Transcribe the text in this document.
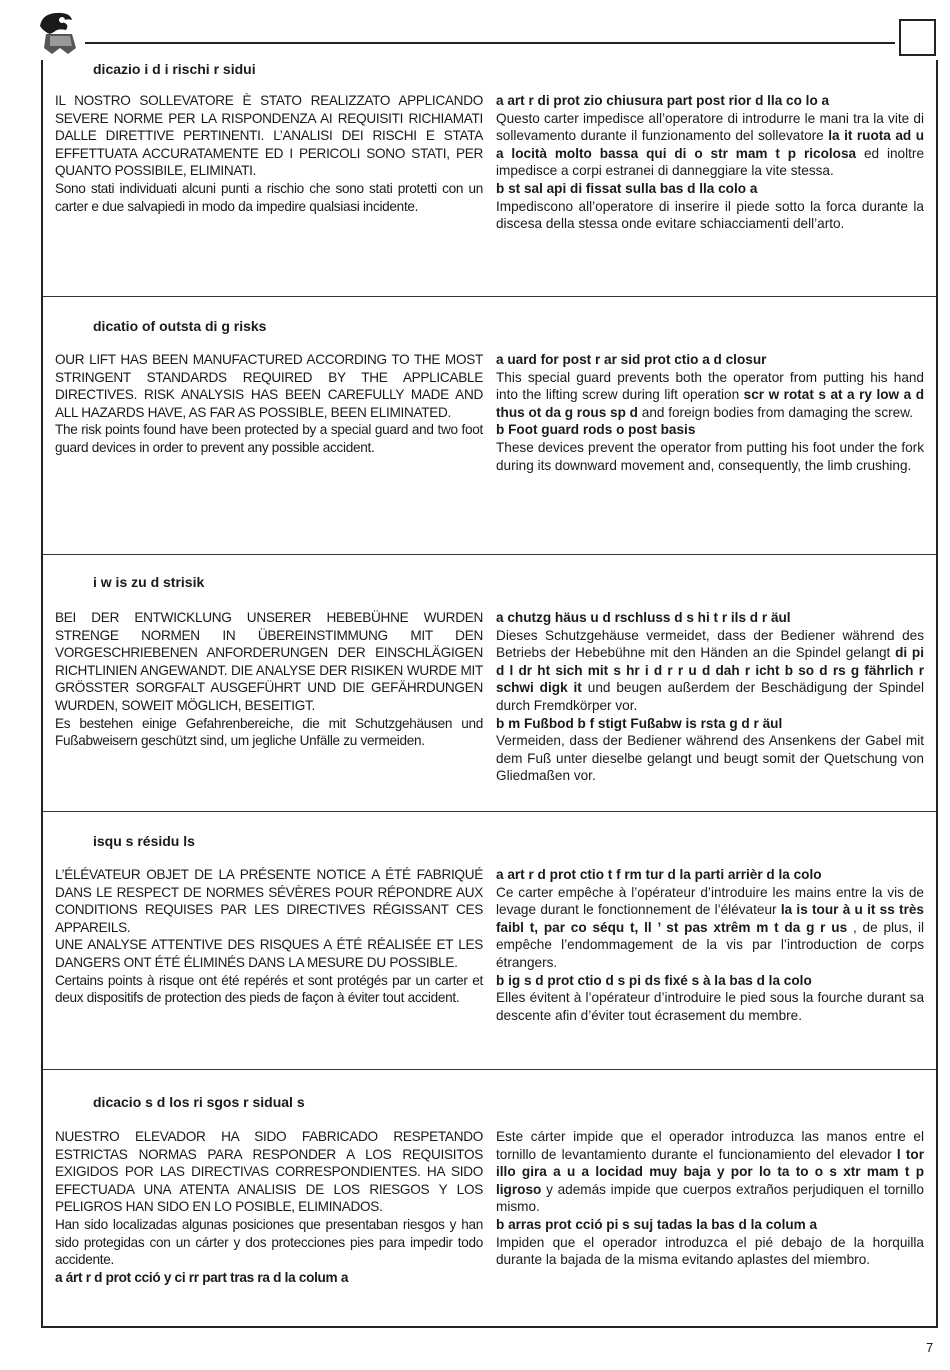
dicazio i d i rischi r sidui

IL NOSTRO SOLLEVATORE È STATO REALIZZATO APPLICANDO SEVERE NORME PER LA RISPONDENZA AI REQUISITI RICHIAMATI DALLE DIRETTIVE PERTINENTI. L’ANALISI DEI RISCHI E STATA EFFETTUATA ACCURATAMENTE ED I PERICOLI SONO STATI, PER QUANTO POSSIBILE, ELIMINATI.

Sono stati individuati alcuni punti a rischio che sono stati protetti con un carter e due salvapiedi in modo da impedire qualsiasi incidente.

a art r di prot zio chiusura part post rior d lla co lo a

Questo carter impedisce all’operatore di introdurre le mani tra la vite di sollevamento durante il funzionamento del sollevatore la it ruota ad u a locità molto bassa qui di o str mam t p ricolosa ed inoltre impedisce a corpi estranei di danneggiare la vite stessa.

b st sal api di fissat sulla bas d lla colo a

Impediscono all’operatore di inserire il piede sotto la forca durante la discesa della stessa onde evitare schiacciamenti dell’arto.

dicatio of outsta di g risks

OUR LIFT HAS BEEN MANUFACTURED ACCORDING TO THE MOST STRINGENT STANDARDS REQUIRED BY THE APPLICABLE DIRECTIVES. RISK ANALYSIS HAS BEEN CAREFULLY MADE AND ALL HAZARDS HAVE, AS FAR AS POSSIBLE, BEEN ELIMINATED.

The risk points found have been protected by a special guard and two foot guard devices in order to prevent any possible accident.

a uard for post r ar sid prot ctio a d closur

This special guard prevents both the operator from putting his hand into the lifting screw during lift operation scr w rotat s at a ry low a d thus ot da g rous sp d and foreign bodies from damaging the screw.

b Foot guard rods o post basis

These devices prevent the operator from putting his foot under the fork during its downward movement and, consequently, the limb crushing.

i w is zu d strisik

BEI DER ENTWICKLUNG UNSERER HEBEBÜHNE WURDEN STRENGE NORMEN IN ÜBEREINSTIMMUNG MIT DEN VORGESCHRIEBENEN ANFORDERUNGEN DER EINSCHLÄGIGEN RICHTLINIEN ANGEWANDT. DIE ANALYSE DER RISIKEN WURDE MIT GRÖSSTER SORGFALT AUSGEFÜHRT UND DIE GEFÄHRDUNGEN WURDEN, SOWEIT MÖGLICH, BESEITIGT.

Es bestehen einige Gefahrenbereiche, die mit Schutzgehäusen und Fußabweisern geschützt sind, um jegliche Unfälle zu vermeiden.

a chutzg häus u d rschluss d s hi t r ils d r äul

Dieses Schutzgehäuse vermeidet, dass der Bediener während des Betriebs der Hebebühne mit den Händen an die Spindel gelangt di pi d l dr ht sich mit s hr i d r r u d dah r icht b so d rs g fährlich r schwi digk it und beugen außerdem der Beschädigung der Spindel durch Fremdkörper vor.

b m Fußbod b f stigt Fußabw is rsta g d r äul

Vermeiden, dass der Bediener während des Ansenkens der Gabel mit dem Fuß unter dieselbe gelangt und beugt somit der Quetschung von Gliedmaßen vor.

isqu s résidu ls

L’ÉLÉVATEUR OBJET DE LA PRÉSENTE NOTICE A ÉTÉ FABRIQUÉ DANS LE RESPECT DE NORMES SÉVÈRES POUR RÉPONDRE AUX CONDITIONS REQUISES PAR LES DIRECTIVES RÉGISSANT CES APPAREILS.

UNE ANALYSE ATTENTIVE DES RISQUES A ÉTÉ RÉALISÉE ET LES DANGERS ONT ÉTÉ ÉLIMINÉS DANS LA MESURE DU POSSIBLE.

Certains points à risque ont été repérés et sont protégés par un carter et deux dispositifs de protection des pieds de façon à éviter tout accident.

a art r d prot ctio t f rm tur d la parti arrièr d la colo

Ce carter empêche à l’opérateur d’introduire les mains entre la vis de levage durant le fonctionnement de l’élévateur la is tour à u it ss très faibl t, par co séqu t, ll ’ st pas xtrêm m t da g r us , de plus, il empêche l’endommagement de la vis par l’introduction de corps étrangers.

b ig s d prot ctio d s pi ds fixé s à la bas d la colo

Elles évitent à l’opérateur d’introduire le pied sous la fourche durant sa descente afin d’éviter tout écrasement du membre.

dicacio s d los ri sgos r sidual s

NUESTRO ELEVADOR HA SIDO FABRICADO RESPETANDO ESTRICTAS NORMAS PARA RESPONDER A LOS REQUISITOS EXIGIDOS POR LAS DIRECTIVAS CORRESPONDIENTES. HA SIDO EFECTUADA UNA ATENTA ANALISIS DE LOS RIESGOS Y LOS PELIGROS HAN SIDO EN LO POSIBLE, ELIMINADOS.

Han sido localizadas algunas posiciones que presentaban riesgos y han sido protegidas con un cárter y dos protecciones pies para impedir todo accidente.

a árt r d prot cció y ci rr part tras ra d la colum a

Este cárter impide que el operador introduzca las manos entre el tornillo de levantamiento durante el funcionamiento del elevador l tor illo gira a u a locidad muy baja y por lo ta to o s xtr mam t p ligroso y además impide que cuerpos extraños perjudiquen el tornillo mismo.

b arras prot cció pi s suj tadas la bas d la colum a

Impiden que el operador introduzca el pié debajo de la horquilla durante la bajada de la misma evitando aplastes del miembro.

7
